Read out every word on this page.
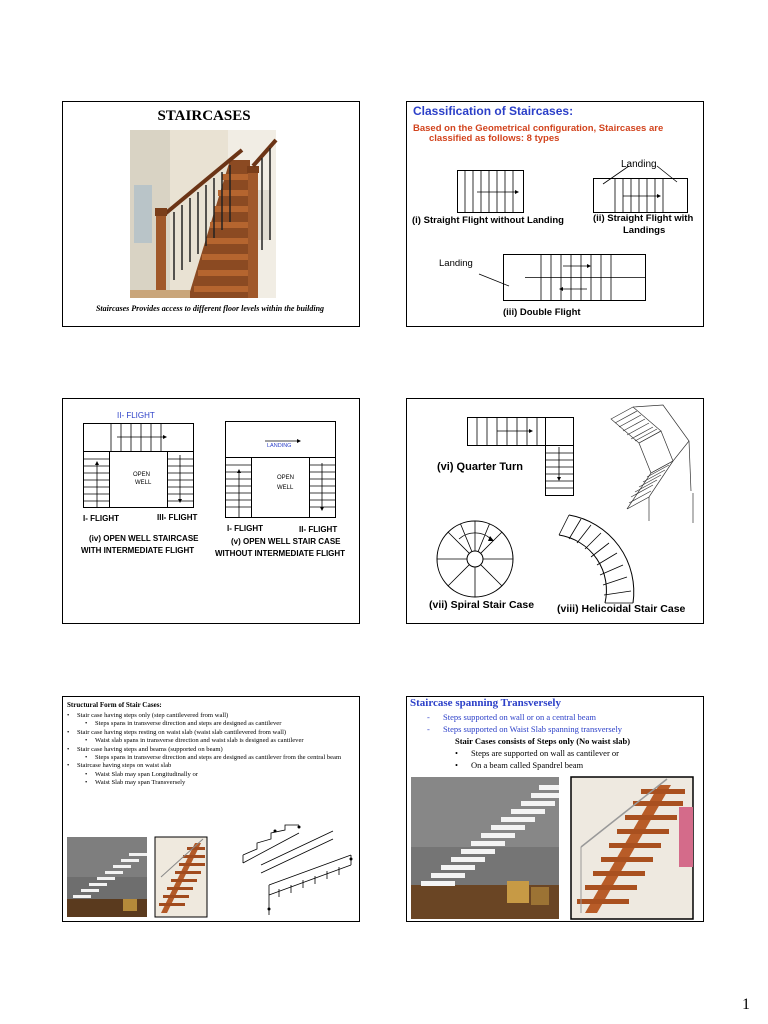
STAIRCASES
Staircases Provides access to different floor levels within the building
Classification of Staircases:
Based on the Geometrical configuration, Staircases are
classified as follows: 8 types
(i) Straight Flight without Landing
Landing
(ii) Straight Flight with
Landings
Landing
(iii) Double Flight
II- FLIGHT
OPEN
WELL
I- FLIGHT	III- FLIGHT
(iv) OPEN WELL STAIRCASE
WITH INTERMEDIATE FLIGHT
LANDING
OPEN
WELL
I- FLIGHT	II- FLIGHT
(v) OPEN WELL STAIR CASE
WITHOUT INTERMEDIATE FLIGHT
(vi) Quarter Turn
(vii) Spiral Stair Case (viii) Helicoidal Stair Case
Structural Form of Stair Cases:
• Stair case having steps only (step cantilevered from wall)
• Steps spans in transverse direction and steps are designed as cantilever
• Stair case having steps resting on waist slab (waist slab cantilevered from wall)
• Waist slab spans in transverse direction and waist slab is designed as cantilever
• Stair case having steps and beams (supported on beam)
• Steps spans in transverse direction and steps are designed as cantilever from the central beam
• Staircase having steps on waist slab
• Waist Slab may span Longitudinally or
• Waist Slab may span Transversely
Staircase spanning Transversely
- Steps supported on wall or on a central beam
- Steps supported on Waist Slab spanning transversely
Stair Cases consists of Steps only (No waist slab)
• Steps are supported on wall as cantilever or
• On a beam called Spandrel beam
1
